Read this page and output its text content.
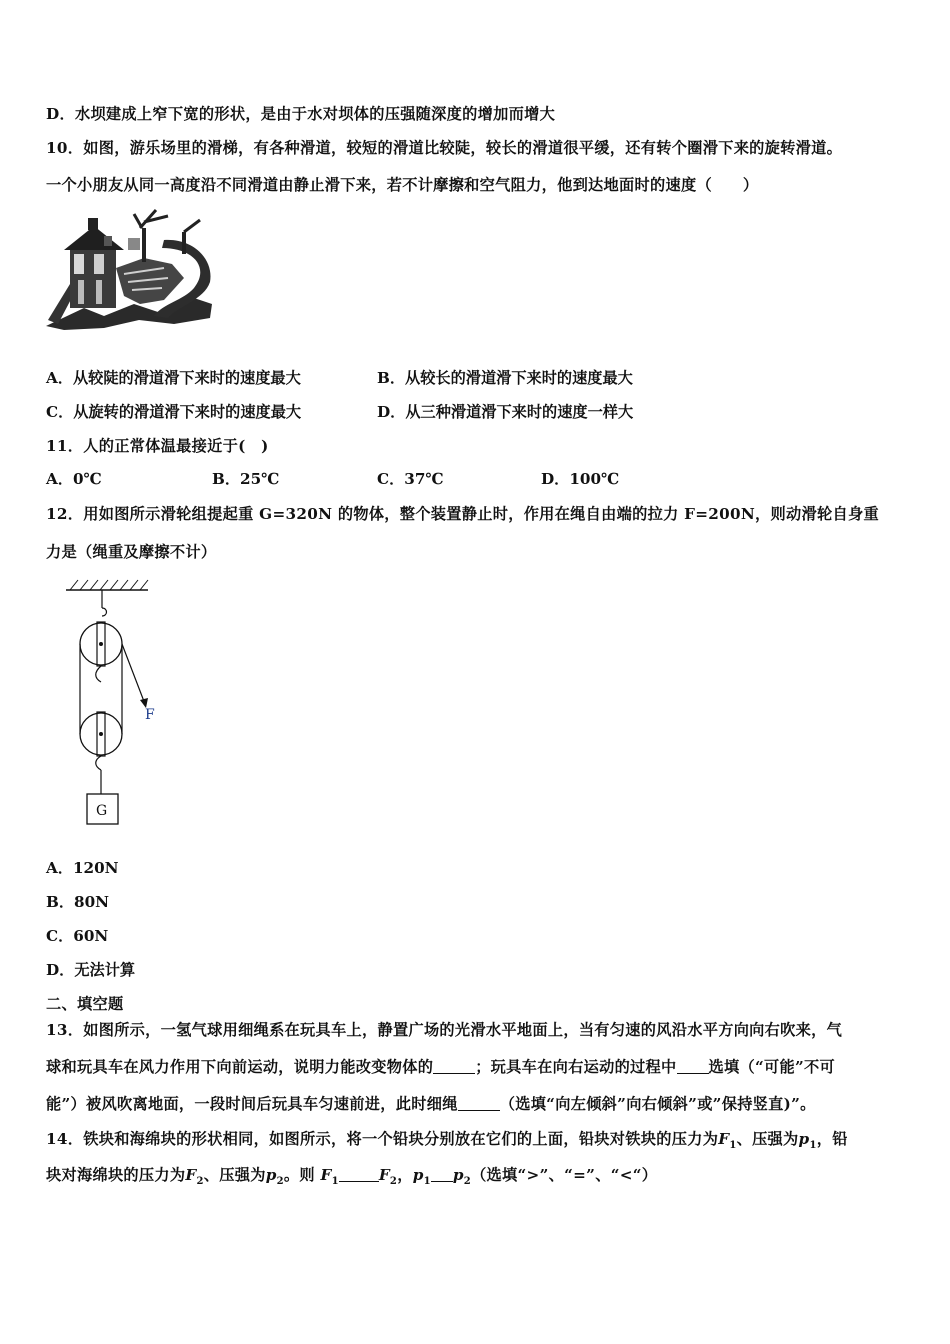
D．水坝建成上窄下宽的形状，是由于水对坝体的压强随深度的增加而增大
10．如图，游乐场里的滑梯，有各种滑道，较短的滑道比较陡，较长的滑道很平缓，还有转个圈滑下来的旋转滑道。
一个小朋友从同一高度沿不同滑道由静止滑下来，若不计摩擦和空气阻力，他到达地面时的速度（　　）
A．从较陡的滑道滑下来时的速度最大	B．从较长的滑道滑下来时的速度最大
C．从旋转的滑道滑下来时的速度最大	D．从三种滑道滑下来时的速度一样大
11．人的正常体温最接近于(　)
A．0℃	B．25℃	C．37℃	D．100℃
12．用如图所示滑轮组提起重 G=320N 的物体，整个装置静止时，作用在绳自由端的拉力 F=200N，则动滑轮自身重
力是（绳重及摩擦不计）
F
G
A．120N
B．80N
C．60N
D．无法计算
二、填空题
13．如图所示，一氢气球用细绳系在玩具车上，静置广场的光滑水平地面上，当有匀速的风沿水平方向向右吹来，气
球和玩具车在风力作用下向前运动，说明力能改变物体的	；玩具车在向右运动的过程中 选填（“可能”不可
能”）被风吹离地面，一段时间后玩具车匀速前进，此时细绳	（选填“向左倾斜”向右倾斜”或”保持竖直)”。
14．铁块和海绵块的形状相同，如图所示，将一个铅块分别放在它们的上面，铅块对铁块的压力为$F_1$、压强为$p_1$，铅
块对海绵块的压力为$F_2$、压强为$p_2$。则 $F_1$	$F_2$，$p_1$ $p_2$（选填“>”、“=”、“<“）
